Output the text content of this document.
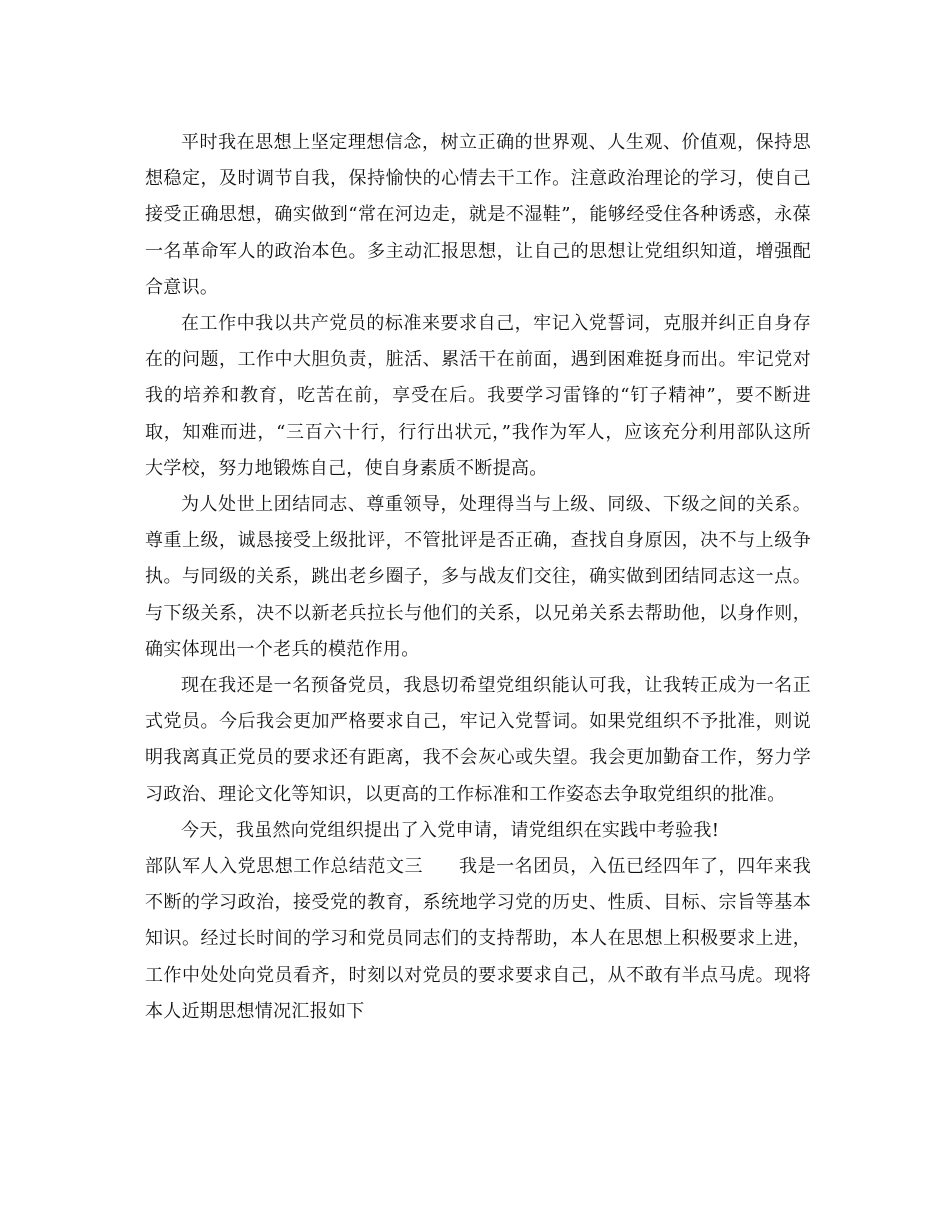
平时我在思想上坚定理想信念，树立正确的世界观、人生观、价值观，保持思想稳定，及时调节自我，保持愉快的心情去干工作。注意政治理论的学习，使自己接受正确思想，确实做到“常在河边走，就是不湿鞋”，能够经受住各种诱惑，永葆一名革命军人的政治本色。多主动汇报思想，让自己的思想让党组织知道，增强配合意识。

在工作中我以共产党员的标准来要求自己，牢记入党誓词，克服并纠正自身存在的问题，工作中大胆负责，脏活、累活干在前面，遇到困难挺身而出。牢记党对我的培养和教育，吃苦在前，享受在后。我要学习雷锋的“钉子精神”，要不断进取，知难而进，“三百六十行，行行出状元，”我作为军人，应该充分利用部队这所大学校，努力地锻炼自己，使自身素质不断提高。

为人处世上团结同志、尊重领导，处理得当与上级、同级、下级之间的关系。尊重上级，诚恳接受上级批评，不管批评是否正确，查找自身原因，决不与上级争执。与同级的关系，跳出老乡圈子，多与战友们交往，确实做到团结同志这一点。与下级关系，决不以新老兵拉长与他们的关系，以兄弟关系去帮助他，以身作则，确实体现出一个老兵的模范作用。

现在我还是一名预备党员，我恳切希望党组织能认可我，让我转正成为一名正式党员。今后我会更加严格要求自己，牢记入党誓词。如果党组织不予批准，则说明我离真正党员的要求还有距离，我不会灰心或失望。我会更加勤奋工作，努力学习政治、理论文化等知识，以更高的工作标准和工作姿态去争取党组织的批准。

今天，我虽然向党组织提出了入党申请，请党组织在实践中考验我!

部队军人入党思想工作总结范文三 我是一名团员，入伍已经四年了，四年来我不断的学习政治，接受党的教育，系统地学习党的历史、性质、目标、宗旨等基本知识。经过长时间的学习和党员同志们的支持帮助，本人在思想上积极要求上进，工作中处处向党员看齐，时刻以对党员的要求要求自己，从不敢有半点马虎。现将本人近期思想情况汇报如下
